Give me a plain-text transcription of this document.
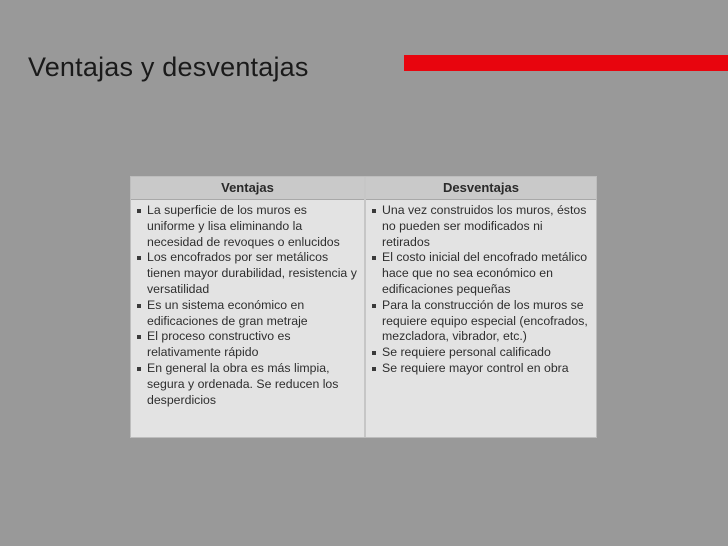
Ventajas y desventajas
Ventajas
La superficie de los muros es uniforme y lisa eliminando la necesidad de revoques o enlucidos
Los encofrados por ser metálicos tienen mayor durabilidad, resistencia y versatilidad
Es un sistema económico en edificaciones de gran metraje
El proceso constructivo es relativamente rápido
En general la obra es más limpia, segura y ordenada. Se reducen los desperdicios
Desventajas
Una vez construidos los muros, éstos no pueden ser modificados ni retirados
El costo inicial del encofrado metálico hace que no sea económico en edificaciones pequeñas
Para la construcción de los muros se requiere equipo especial (encofrados, mezcladora, vibrador, etc.)
Se requiere personal calificado
Se requiere mayor control en obra
